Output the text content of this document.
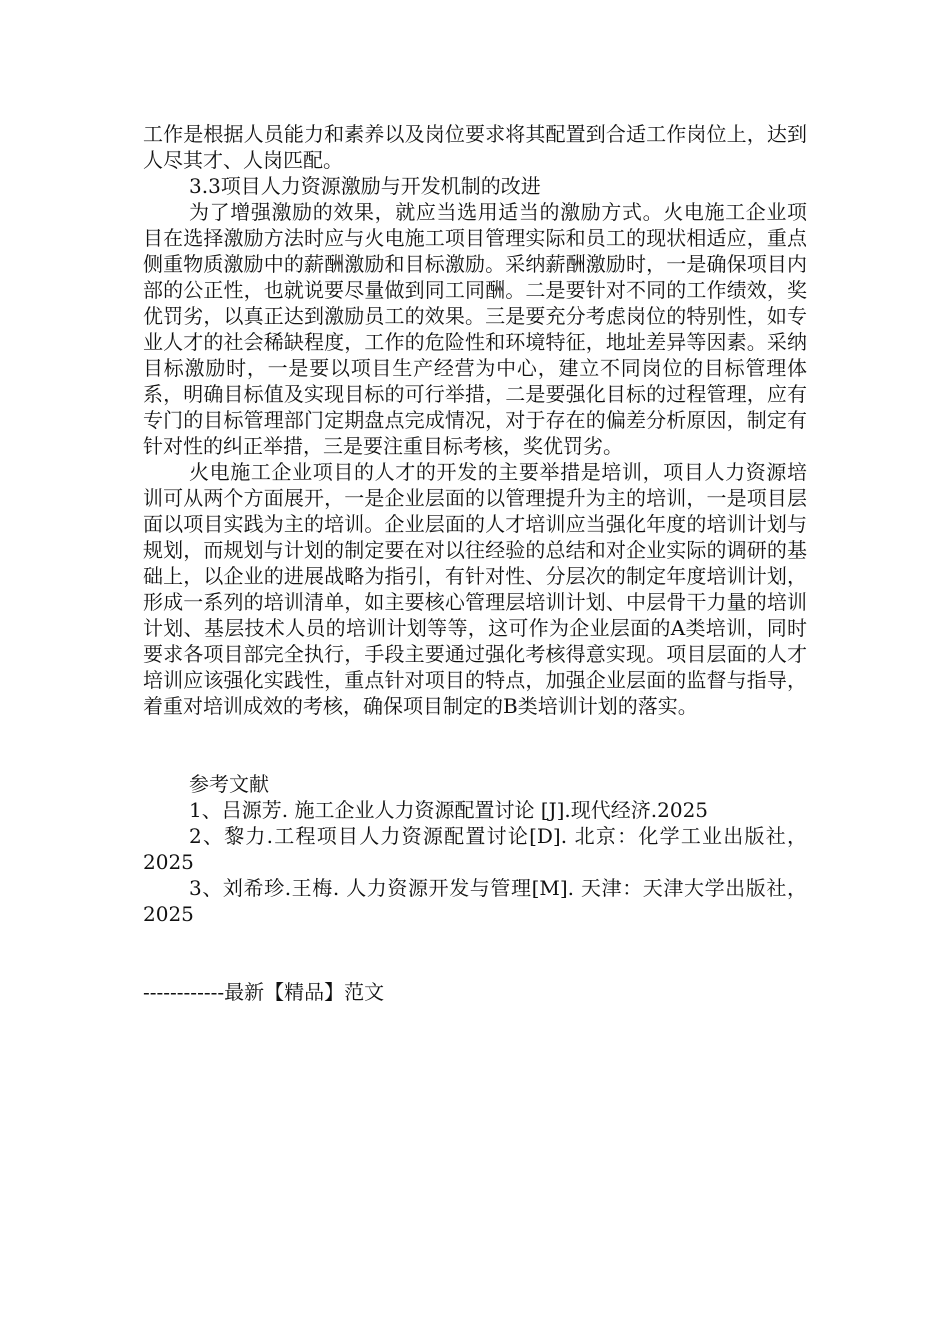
工作是根据人员能力和素养以及岗位要求将其配置到合适工作岗位上，达到人尽其才、人岗匹配。

3.3项目人力资源激励与开发机制的改进

为了增强激励的效果，就应当选用适当的激励方式。火电施工企业项目在选择激励方法时应与火电施工项目管理实际和员工的现状相适应，重点侧重物质激励中的薪酬激励和目标激励。采纳薪酬激励时，一是确保项目内部的公正性，也就说要尽量做到同工同酬。二是要针对不同的工作绩效，奖优罚劣，以真正达到激励员工的效果。三是要充分考虑岗位的特别性，如专业人才的社会稀缺程度，工作的危险性和环境特征，地址差异等因素。采纳目标激励时，一是要以项目生产经营为中心，建立不同岗位的目标管理体系，明确目标值及实现目标的可行举措，二是要强化目标的过程管理，应有专门的目标管理部门定期盘点完成情况，对于存在的偏差分析原因，制定有针对性的纠正举措，三是要注重目标考核，奖优罚劣。

火电施工企业项目的人才的开发的主要举措是培训，项目人力资源培训可从两个方面展开，一是企业层面的以管理提升为主的培训，一是项目层面以项目实践为主的培训。企业层面的人才培训应当强化年度的培训计划与规划，而规划与计划的制定要在对以往经验的总结和对企业实际的调研的基础上，以企业的进展战略为指引，有针对性、分层次的制定年度培训计划，形成一系列的培训清单，如主要核心管理层培训计划、中层骨干力量的培训计划、基层技术人员的培训计划等等，这可作为企业层面的A类培训，同时要求各项目部完全执行，手段主要通过强化考核得意实现。项目层面的人才培训应该强化实践性，重点针对项目的特点，加强企业层面的监督与指导，着重对培训成效的考核，确保项目制定的B类培训计划的落实。

参考文献

1、吕源芳. 施工企业人力资源配置讨论 [J].现代经济.2025

2、黎力.工程项目人力资源配置讨论[D]. 北京：化学工业出版社，2025

3、刘希珍.王梅. 人力资源开发与管理[M]. 天津：天津大学出版社，2025

------------最新【精品】范文
